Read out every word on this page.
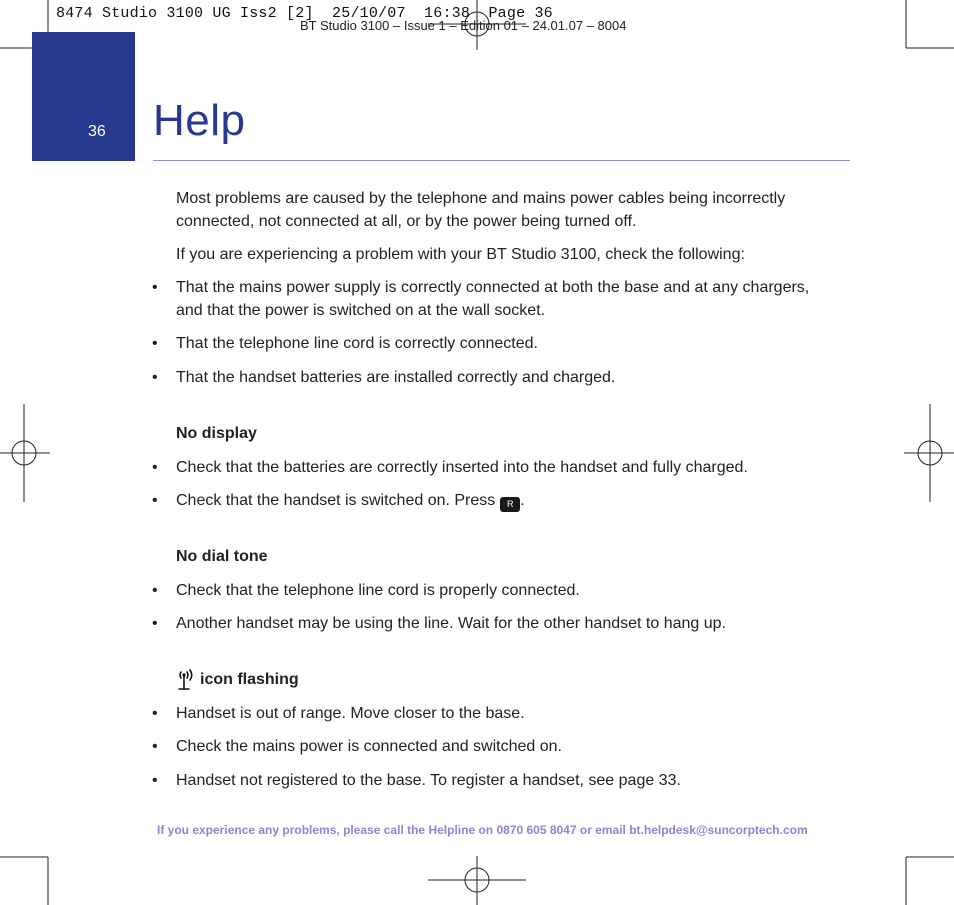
8474 Studio 3100 UG Iss2 [2]  25/10/07  16:38  Page 36
BT Studio 3100 – Issue 1 – Edition 01 – 24.01.07 – 8004
36 Help
Most problems are caused by the telephone and mains power cables being incorrectly connected, not connected at all, or by the power being turned off.
If you are experiencing a problem with your BT Studio 3100, check the following:
• That the mains power supply is correctly connected at both the base and at any chargers, and that the power is switched on at the wall socket.
• That the telephone line cord is correctly connected.
• That the handset batteries are installed correctly and charged.
No display
• Check that the batteries are correctly inserted into the handset and fully charged.
• Check that the handset is switched on. Press R .
No dial tone
• Check that the telephone line cord is properly connected.
• Another handset may be using the line. Wait for the other handset to hang up.
icon flashing
• Handset is out of range. Move closer to the base.
• Check the mains power is connected and switched on.
• Handset not registered to the base. To register a handset, see page 33.
If you experience any problems, please call the Helpline on 0870 605 8047 or email bt.helpdesk@suncorptech.com
